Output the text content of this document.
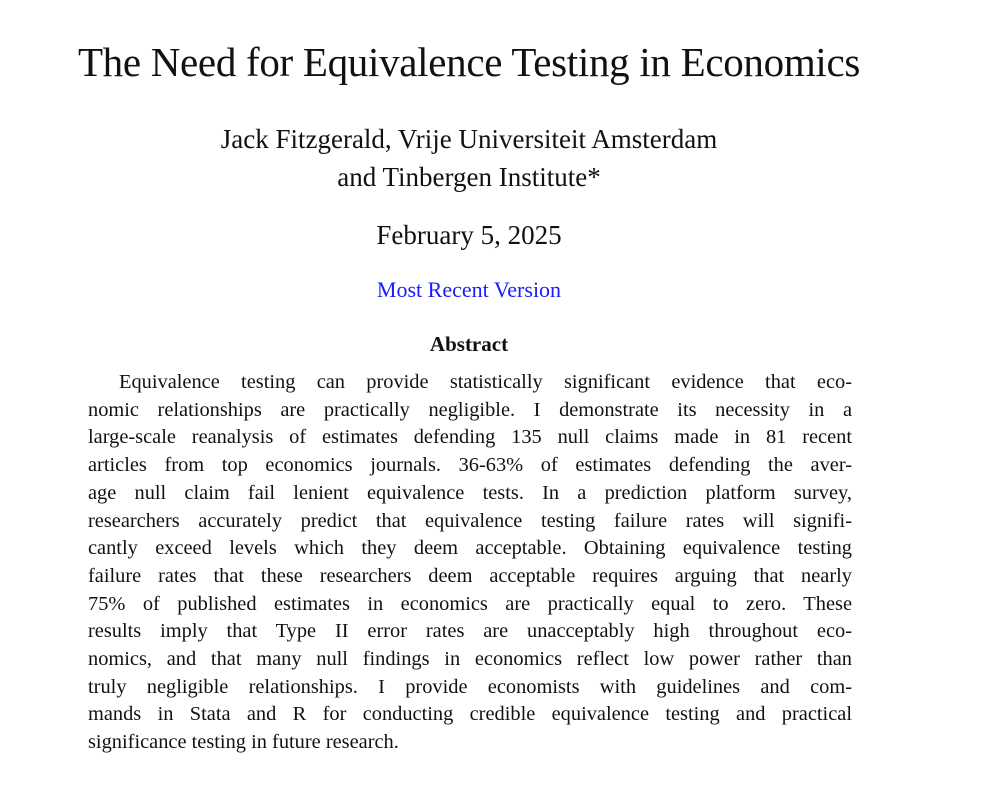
The Need for Equivalence Testing in Economics
Jack Fitzgerald, Vrije Universiteit Amsterdam
and Tinbergen Institute*
February 5, 2025
Most Recent Version
Abstract
Equivalence testing can provide statistically significant evidence that eco-
nomic relationships are practically negligible. I demonstrate its necessity in a
large-scale reanalysis of estimates defending 135 null claims made in 81 recent
articles from top economics journals. 36-63% of estimates defending the aver-
age null claim fail lenient equivalence tests. In a prediction platform survey,
researchers accurately predict that equivalence testing failure rates will signifi-
cantly exceed levels which they deem acceptable. Obtaining equivalence testing
failure rates that these researchers deem acceptable requires arguing that nearly
75% of published estimates in economics are practically equal to zero. These
results imply that Type II error rates are unacceptably high throughout eco-
nomics, and that many null findings in economics reflect low power rather than
truly negligible relationships. I provide economists with guidelines and com-
mands in Stata and R for conducting credible equivalence testing and practical
significance testing in future research.
